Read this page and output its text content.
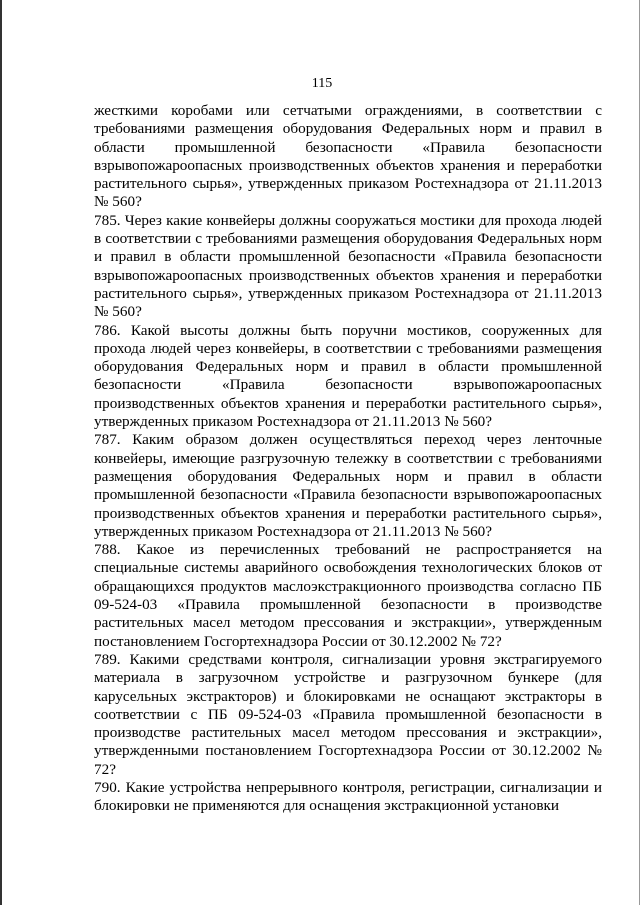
115

жесткими коробами или сетчатыми ограждениями, в соответствии с требованиями размещения оборудования Федеральных норм и правил в области промышленной безопасности «Правила безопасности взрывопожароопасных производственных объектов хранения и переработки растительного сырья», утвержденных приказом Ростехнадзора от 21.11.2013 № 560?

785. Через какие конвейеры должны сооружаться мостики для прохода людей в соответствии с требованиями размещения оборудования Федеральных норм и правил в области промышленной безопасности «Правила безопасности взрывопожароопасных производственных объектов хранения и переработки растительного сырья», утвержденных приказом Ростехнадзора от 21.11.2013 № 560?

786. Какой высоты должны быть поручни мостиков, сооруженных для прохода людей через конвейеры, в соответствии с требованиями размещения оборудования Федеральных норм и правил в области промышленной безопасности «Правила безопасности взрывопожароопасных производственных объектов хранения и переработки растительного сырья», утвержденных приказом Ростехнадзора от 21.11.2013 № 560?

787. Каким образом должен осуществляться переход через ленточные конвейеры, имеющие разгрузочную тележку в соответствии с требованиями размещения оборудования Федеральных норм и правил в области промышленной безопасности «Правила безопасности взрывопожароопасных производственных объектов хранения и переработки растительного сырья», утвержденных приказом Ростехнадзора от 21.11.2013 № 560?

788. Какое из перечисленных требований не распространяется на специальные системы аварийного освобождения технологических блоков от обращающихся продуктов маслоэкстракционного производства согласно ПБ 09-524-03 «Правила промышленной безопасности в производстве растительных масел методом прессования и экстракции», утвержденным постановлением Госгортехнадзора России от 30.12.2002 № 72?

789. Какими средствами контроля, сигнализации уровня экстрагируемого материала в загрузочном устройстве и разгрузочном бункере (для карусельных экстракторов) и блокировками не оснащают экстракторы в соответствии с ПБ 09-524-03 «Правила промышленной безопасности в производстве растительных масел методом прессования и экстракции», утвержденными постановлением Госгортехнадзора России от 30.12.2002 № 72?

790. Какие устройства непрерывного контроля, регистрации, сигнализации и блокировки не применяются для оснащения экстракционной установки
